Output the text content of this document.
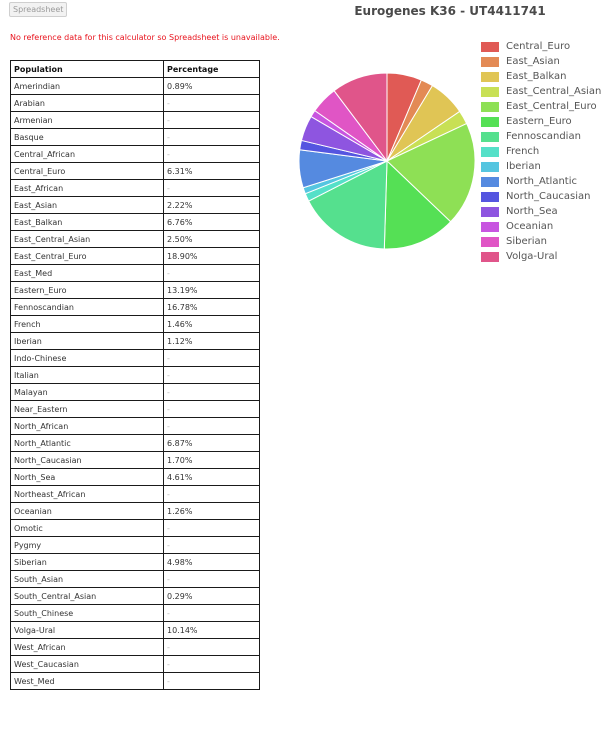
Spreadsheet
No reference data for this calculator so Spreadsheet is unavailable.
Population	Percentage
Amerindian	0.89%
Arabian	-
Armenian	-
Basque	-
Central_African	-
Central_Euro	6.31%
East_African	-
East_Asian	2.22%
East_Balkan	6.76%
East_Central_Asian	2.50%
East_Central_Euro	18.90%
East_Med	-
Eastern_Euro	13.19%
Fennoscandian	16.78%
French	1.46%
Iberian	1.12%
Indo-Chinese	-
Italian	-
Malayan	-
Near_Eastern	-
North_African	-
North_Atlantic	6.87%
North_Caucasian	1.70%
North_Sea	4.61%
Northeast_African	-
Oceanian	1.26%
Omotic	-
Pygmy	-
Siberian	4.98%
South_Asian	-
South_Central_Asian	0.29%
South_Chinese	-
Volga-Ural	10.14%
West_African	-
West_Caucasian	-
West_Med	-
Eurogenes K36 - UT4411741
Central_Euro
East_Asian
East_Balkan
East_Central_Asian
East_Central_Euro
Eastern_Euro
Fennoscandian
French
Iberian
North_Atlantic
North_Caucasian
North_Sea
Oceanian
Siberian
Volga-Ural
